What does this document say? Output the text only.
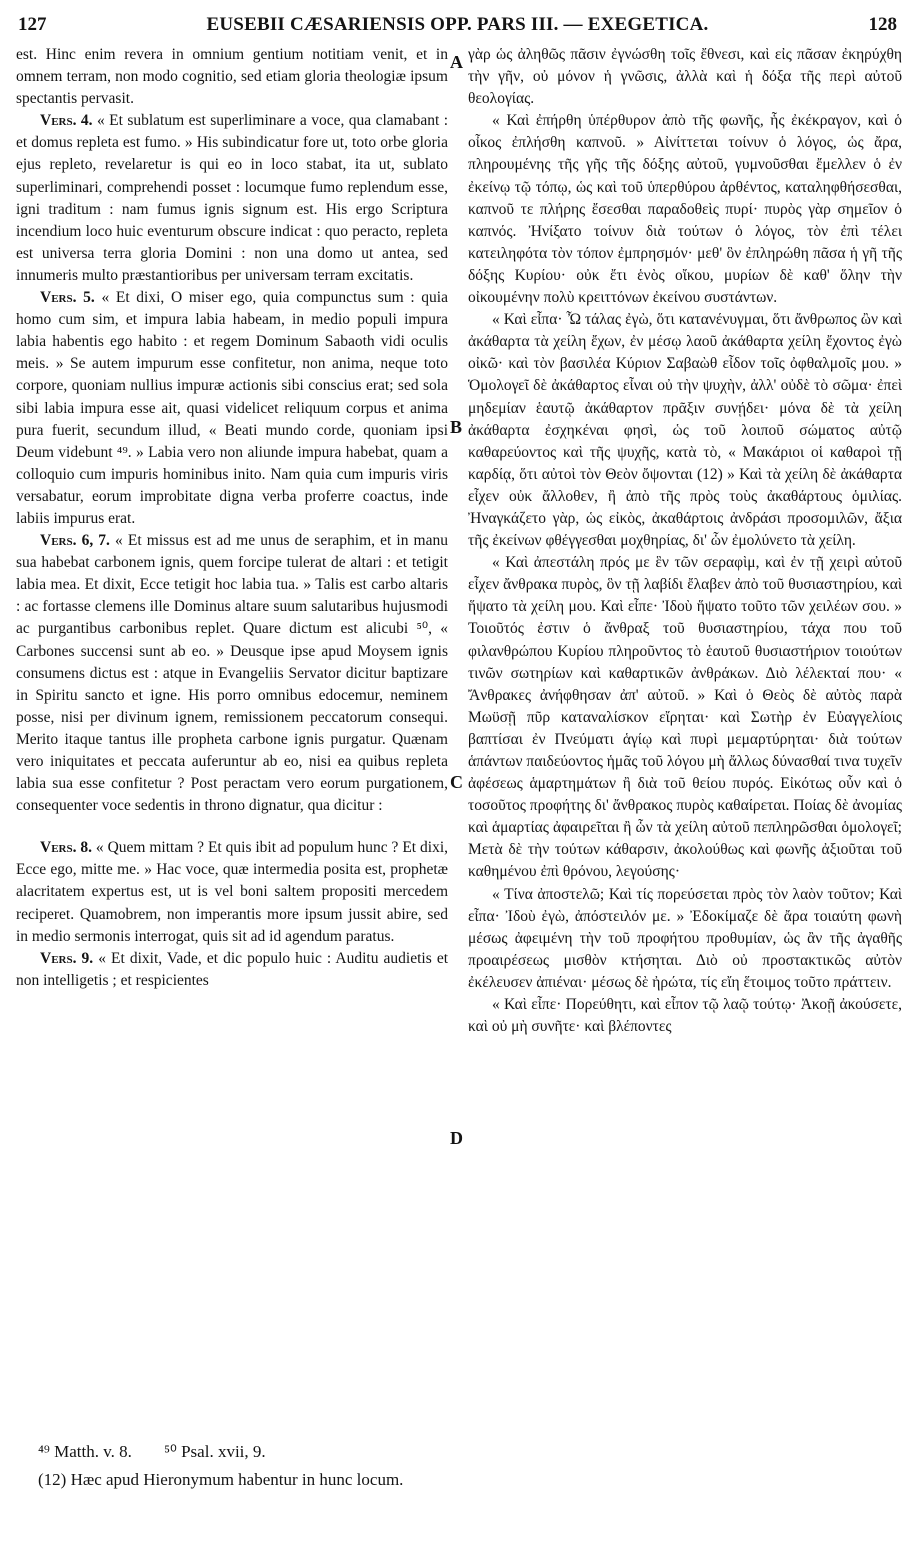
127	EUSEBII CÆSARIENSIS OPP. PARS III. — EXEGETICA.	128

est. Hinc enim revera in omnium gentium notitiam venit, et in omnem terram, non modo cognitio, sed etiam gloria theologiæ ipsum spectantis pervasit.

Vers. 4. « Et sublatum est superliminare a voce, qua clamabant : et domus repleta est fumo. » His subindicatur fore ut, toto orbe gloria ejus repleto, revelaretur is qui eo in loco stabat, ita ut, sublato superliminari, comprehendi posset : locumque fumo replendum esse, igni traditum : nam fumus ignis signum est. His ergo Scriptura incendium loco huic eventurum obscure indicat : quo peracto, repleta est universa terra gloria Domini : non una domo ut antea, sed innumeris multo præstantioribus per universam terram excitatis.

Vers. 5. « Et dixi, O miser ego, quia compunctus sum : quia homo cum sim, et impura labia habeam, in medio populi impura labia habentis ego habito : et regem Dominum Sabaoth vidi oculis meis. » Se autem impurum esse confitetur, non anima, neque toto corpore, quoniam nullius impuræ actionis sibi conscius erat; sed sola sibi labia impura esse ait, quasi videlicet reliquum corpus et anima pura fuerit, secundum illud, « Beati mundo corde, quoniam ipsi Deum videbunt ⁴⁹. » Labia vero non aliunde impura habebat, quam a colloquio cum impuris hominibus inito. Nam quia cum impuris viris versabatur, eorum improbitate digna verba proferre coactus, inde labiis impurus erat.

Vers. 6, 7. « Et missus est ad me unus de seraphim, et in manu sua habebat carbonem ignis, quem forcipe tulerat de altari : et tetigit labia mea. Et dixit, Ecce tetigit hoc labia tua. » Talis est carbo altaris : ac fortasse clemens ille Dominus altare suum salutaribus hujusmodi ac purgantibus carbonibus replet. Quare dictum est alicubi ⁵⁰, « Carbones succensi sunt ab eo. » Deusque ipse apud Moysem ignis consumens dictus est : atque in Evangeliis Servator dicitur baptizare in Spiritu sancto et igne. His porro omnibus edocemur, neminem posse, nisi per divinum ignem, remissionem peccatorum consequi. Merito itaque tantus ille propheta carbone ignis purgatur. Quænam vero iniquitates et peccata auferuntur ab eo, nisi ea quibus repleta labia sua esse confitetur ? Post peractam vero eorum purgationem, consequenter voce sedentis in throno dignatur, qua dicitur :

Vers. 8. « Quem mittam ? Et quis ibit ad populum hunc ? Et dixi, Ecce ego, mitte me. » Hac voce, quæ intermedia posita est, prophetæ alacritatem expertus est, ut is vel boni saltem propositi mercedem reciperet. Quamobrem, non imperantis more ipsum jussit abire, sed in medio sermonis interrogat, quis sit ad id agendum paratus.

Vers. 9. « Et dixit, Vade, et dic populo huic : Auditu audietis et non intelligetis ; et respicientes

A
B
C
D

γὰρ ὡς ἀληθῶς πᾶσιν ἐγνώσθη τοῖς ἔθνεσι, καὶ εἰς πᾶσαν ἐκηρύχθη τὴν γῆν, οὐ μόνον ἡ γνῶσις, ἀλλὰ καὶ ἡ δόξα τῆς περὶ αὐτοῦ θεολογίας.

« Καὶ ἐπήρθη ὑπέρθυρον ἀπὸ τῆς φωνῆς, ἧς ἐκέκραγον, καὶ ὁ οἶκος ἐπλήσθη καπνοῦ. » Αἰνίττεται τοίνυν ὁ λόγος, ὡς ἄρα, πληρουμένης τῆς γῆς τῆς δόξης αὐτοῦ, γυμνοῦσθαι ἔμελλεν ὁ ἐν ἐκείνῳ τῷ τόπῳ, ὡς καὶ τοῦ ὑπερθύρου ἀρθέντος, καταληφθήσεσθαι, καπνοῦ τε πλήρης ἔσεσθαι παραδοθεὶς πυρί· πυρὸς γὰρ σημεῖον ὁ καπνός. Ἠνίξατο τοίνυν διὰ τούτων ὁ λόγος, τὸν ἐπὶ τέλει κατειληφότα τὸν τόπον ἐμπρησμόν· μεθ' ὃν ἐπληρώθη πᾶσα ἡ γῆ τῆς δόξης Κυρίου· οὐκ ἔτι ἑνὸς οἴκου, μυρίων δὲ καθ' ὅλην τὴν οἰκουμένην πολὺ κρειττόνων ἐκείνου συστάντων.

« Καὶ εἶπα· Ὦ τάλας ἐγὼ, ὅτι κατανένυγμαι, ὅτι ἄνθρωπος ὢν καὶ ἀκάθαρτα τὰ χείλη ἔχων, ἐν μέσῳ λαοῦ ἀκάθαρτα χείλη ἔχοντος ἐγὼ οἰκῶ· καὶ τὸν βασιλέα Κύριον Σαβαὼθ εἶδον τοῖς ὀφθαλμοῖς μου. » Ὁμολογεῖ δὲ ἀκάθαρτος εἶναι οὐ τὴν ψυχὴν, ἀλλ' οὐδὲ τὸ σῶμα· ἐπεὶ μηδεμίαν ἑαυτῷ ἀκάθαρτον πρᾶξιν συνῄδει· μόνα δὲ τὰ χείλη ἀκάθαρτα ἐσχηκέναι φησὶ, ὡς τοῦ λοιποῦ σώματος αὐτῷ καθαρεύοντος καὶ τῆς ψυχῆς, κατὰ τὸ, « Μακάριοι οἱ καθαροὶ τῇ καρδίᾳ, ὅτι αὐτοὶ τὸν Θεὸν ὄψονται (12) » Καὶ τὰ χείλη δὲ ἀκάθαρτα εἶχεν οὐκ ἄλλοθεν, ἢ ἀπὸ τῆς πρὸς τοὺς ἀκαθάρτους ὁμιλίας. Ἠναγκάζετο γὰρ, ὡς εἰκὸς, ἀκαθάρτοις ἀνδράσι προσομιλῶν, ἄξια τῆς ἐκείνων φθέγγεσθαι μοχθηρίας, δι' ὧν ἐμολύνετο τὰ χείλη.

« Καὶ ἀπεστάλη πρός με ἓν τῶν σεραφὶμ, καὶ ἐν τῇ χειρὶ αὐτοῦ εἶχεν ἄνθρακα πυρὸς, ὃν τῇ λαβίδι ἔλαβεν ἀπὸ τοῦ θυσιαστηρίου, καὶ ἥψατο τὰ χείλη μου. Καὶ εἶπε· Ἰδοὺ ἥψατο τοῦτο τῶν χειλέων σου. » Τοιοῦτός ἐστιν ὁ ἄνθραξ τοῦ θυσιαστηρίου, τάχα που τοῦ φιλανθρώπου Κυρίου πληροῦντος τὸ ἑαυτοῦ θυσιαστήριον τοιούτων τινῶν σωτηρίων καὶ καθαρτικῶν ἀνθράκων. Διὸ λέλεκταί που· « Ἄνθρακες ἀνήφθησαν ἀπ' αὐτοῦ. » Καὶ ὁ Θεὸς δὲ αὐτὸς παρὰ Μωϋσῇ πῦρ καταναλίσκον εἴρηται· καὶ Σωτὴρ ἐν Εὐαγγελίοις βαπτίσαι ἐν Πνεύματι ἁγίῳ καὶ πυρὶ μεμαρτύρηται· διὰ τούτων ἁπάντων παιδεύοντος ἡμᾶς τοῦ λόγου μὴ ἄλλως δύνασθαί τινα τυχεῖν ἀφέσεως ἁμαρτημάτων ἢ διὰ τοῦ θείου πυρός. Εἰκότως οὖν καὶ ὁ τοσοῦτος προφήτης δι' ἄνθρακος πυρὸς καθαίρεται. Ποίας δὲ ἀνομίας καὶ ἁμαρτίας ἀφαιρεῖται ἢ ὧν τὰ χείλη αὐτοῦ πεπληρῶσθαι ὁμολογεῖ; Μετὰ δὲ τὴν τούτων κάθαρσιν, ἀκολούθως καὶ φωνῆς ἀξιοῦται τοῦ καθημένου ἐπὶ θρόνου, λεγούσης·

« Τίνα ἀποστελῶ; Καὶ τίς πορεύσεται πρὸς τὸν λαὸν τοῦτον; Καὶ εἶπα· Ἰδοὺ ἐγὼ, ἀπόστειλόν με. » Ἐδοκίμαζε δὲ ἄρα τοιαύτη φωνὴ μέσως ἀφειμένη τὴν τοῦ προφήτου προθυμίαν, ὡς ἂν τῆς ἀγαθῆς προαιρέσεως μισθὸν κτήσηται. Διὸ οὐ προστακτικῶς αὐτὸν ἐκέλευσεν ἀπιέναι· μέσως δὲ ἠρώτα, τίς εἴη ἕτοιμος τοῦτο πράττειν.

« Καὶ εἶπε· Πορεύθητι, καὶ εἶπον τῷ λαῷ τούτῳ· Ἀκοῇ ἀκούσετε, καὶ οὐ μὴ συνῆτε· καὶ βλέποντες

⁴⁹ Matth. v. 8. ⁵⁰ Psal. xvii, 9.
(12) Hæc apud Hieronymum habentur in hunc locum.
